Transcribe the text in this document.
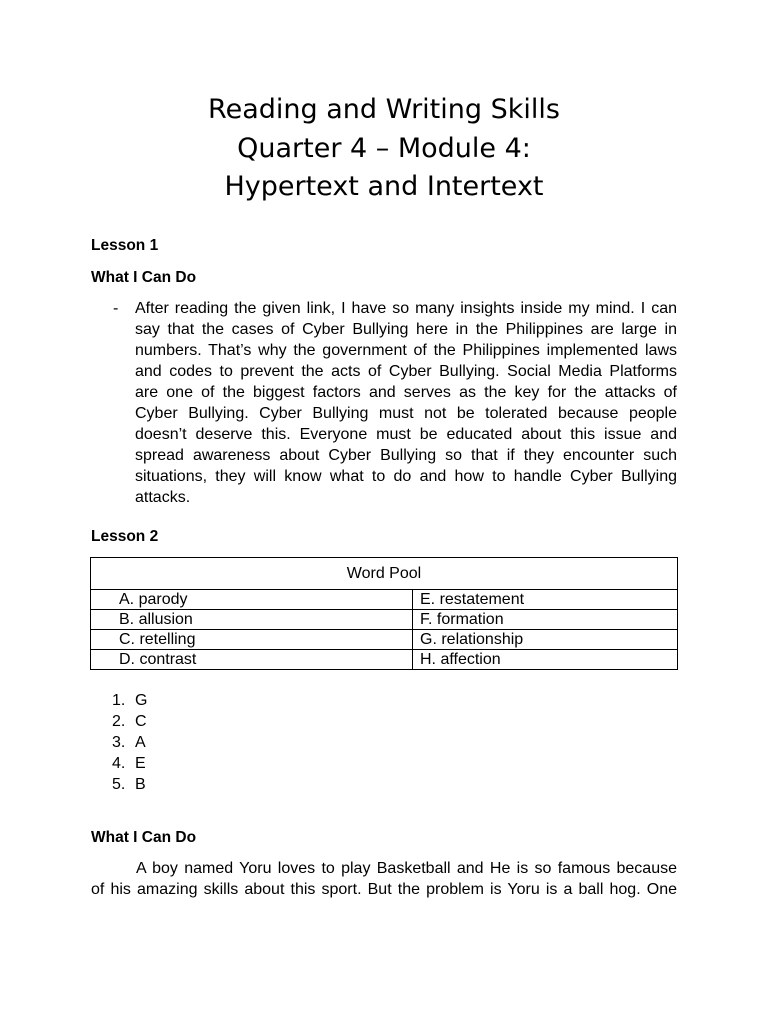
Reading and Writing Skills
Quarter 4 – Module 4:
Hypertext and Intertext
Lesson 1
What I Can Do
- After reading the given link, I have so many insights inside my mind. I can
say that the cases of Cyber Bullying here in the Philippines are large in
numbers. That’s why the government of the Philippines implemented laws
and codes to prevent the acts of Cyber Bullying. Social Media Platforms
are one of the biggest factors and serves as the key for the attacks of
Cyber Bullying. Cyber Bullying must not be tolerated because people
doesn’t deserve this. Everyone must be educated about this issue and
spread awareness about Cyber Bullying so that if they encounter such
situations, they will know what to do and how to handle Cyber Bullying
attacks.
Lesson 2
Word Pool	
A. parody	E. restatement
B. allusion	F. formation
C. retelling	G. relationship
D. contrast	H. affection
1. G
2. C
3. A
4. E
5. B
What I Can Do
A boy named Yoru loves to play Basketball and He is so famous because
of his amazing skills about this sport. But the problem is Yoru is a ball hog. One
